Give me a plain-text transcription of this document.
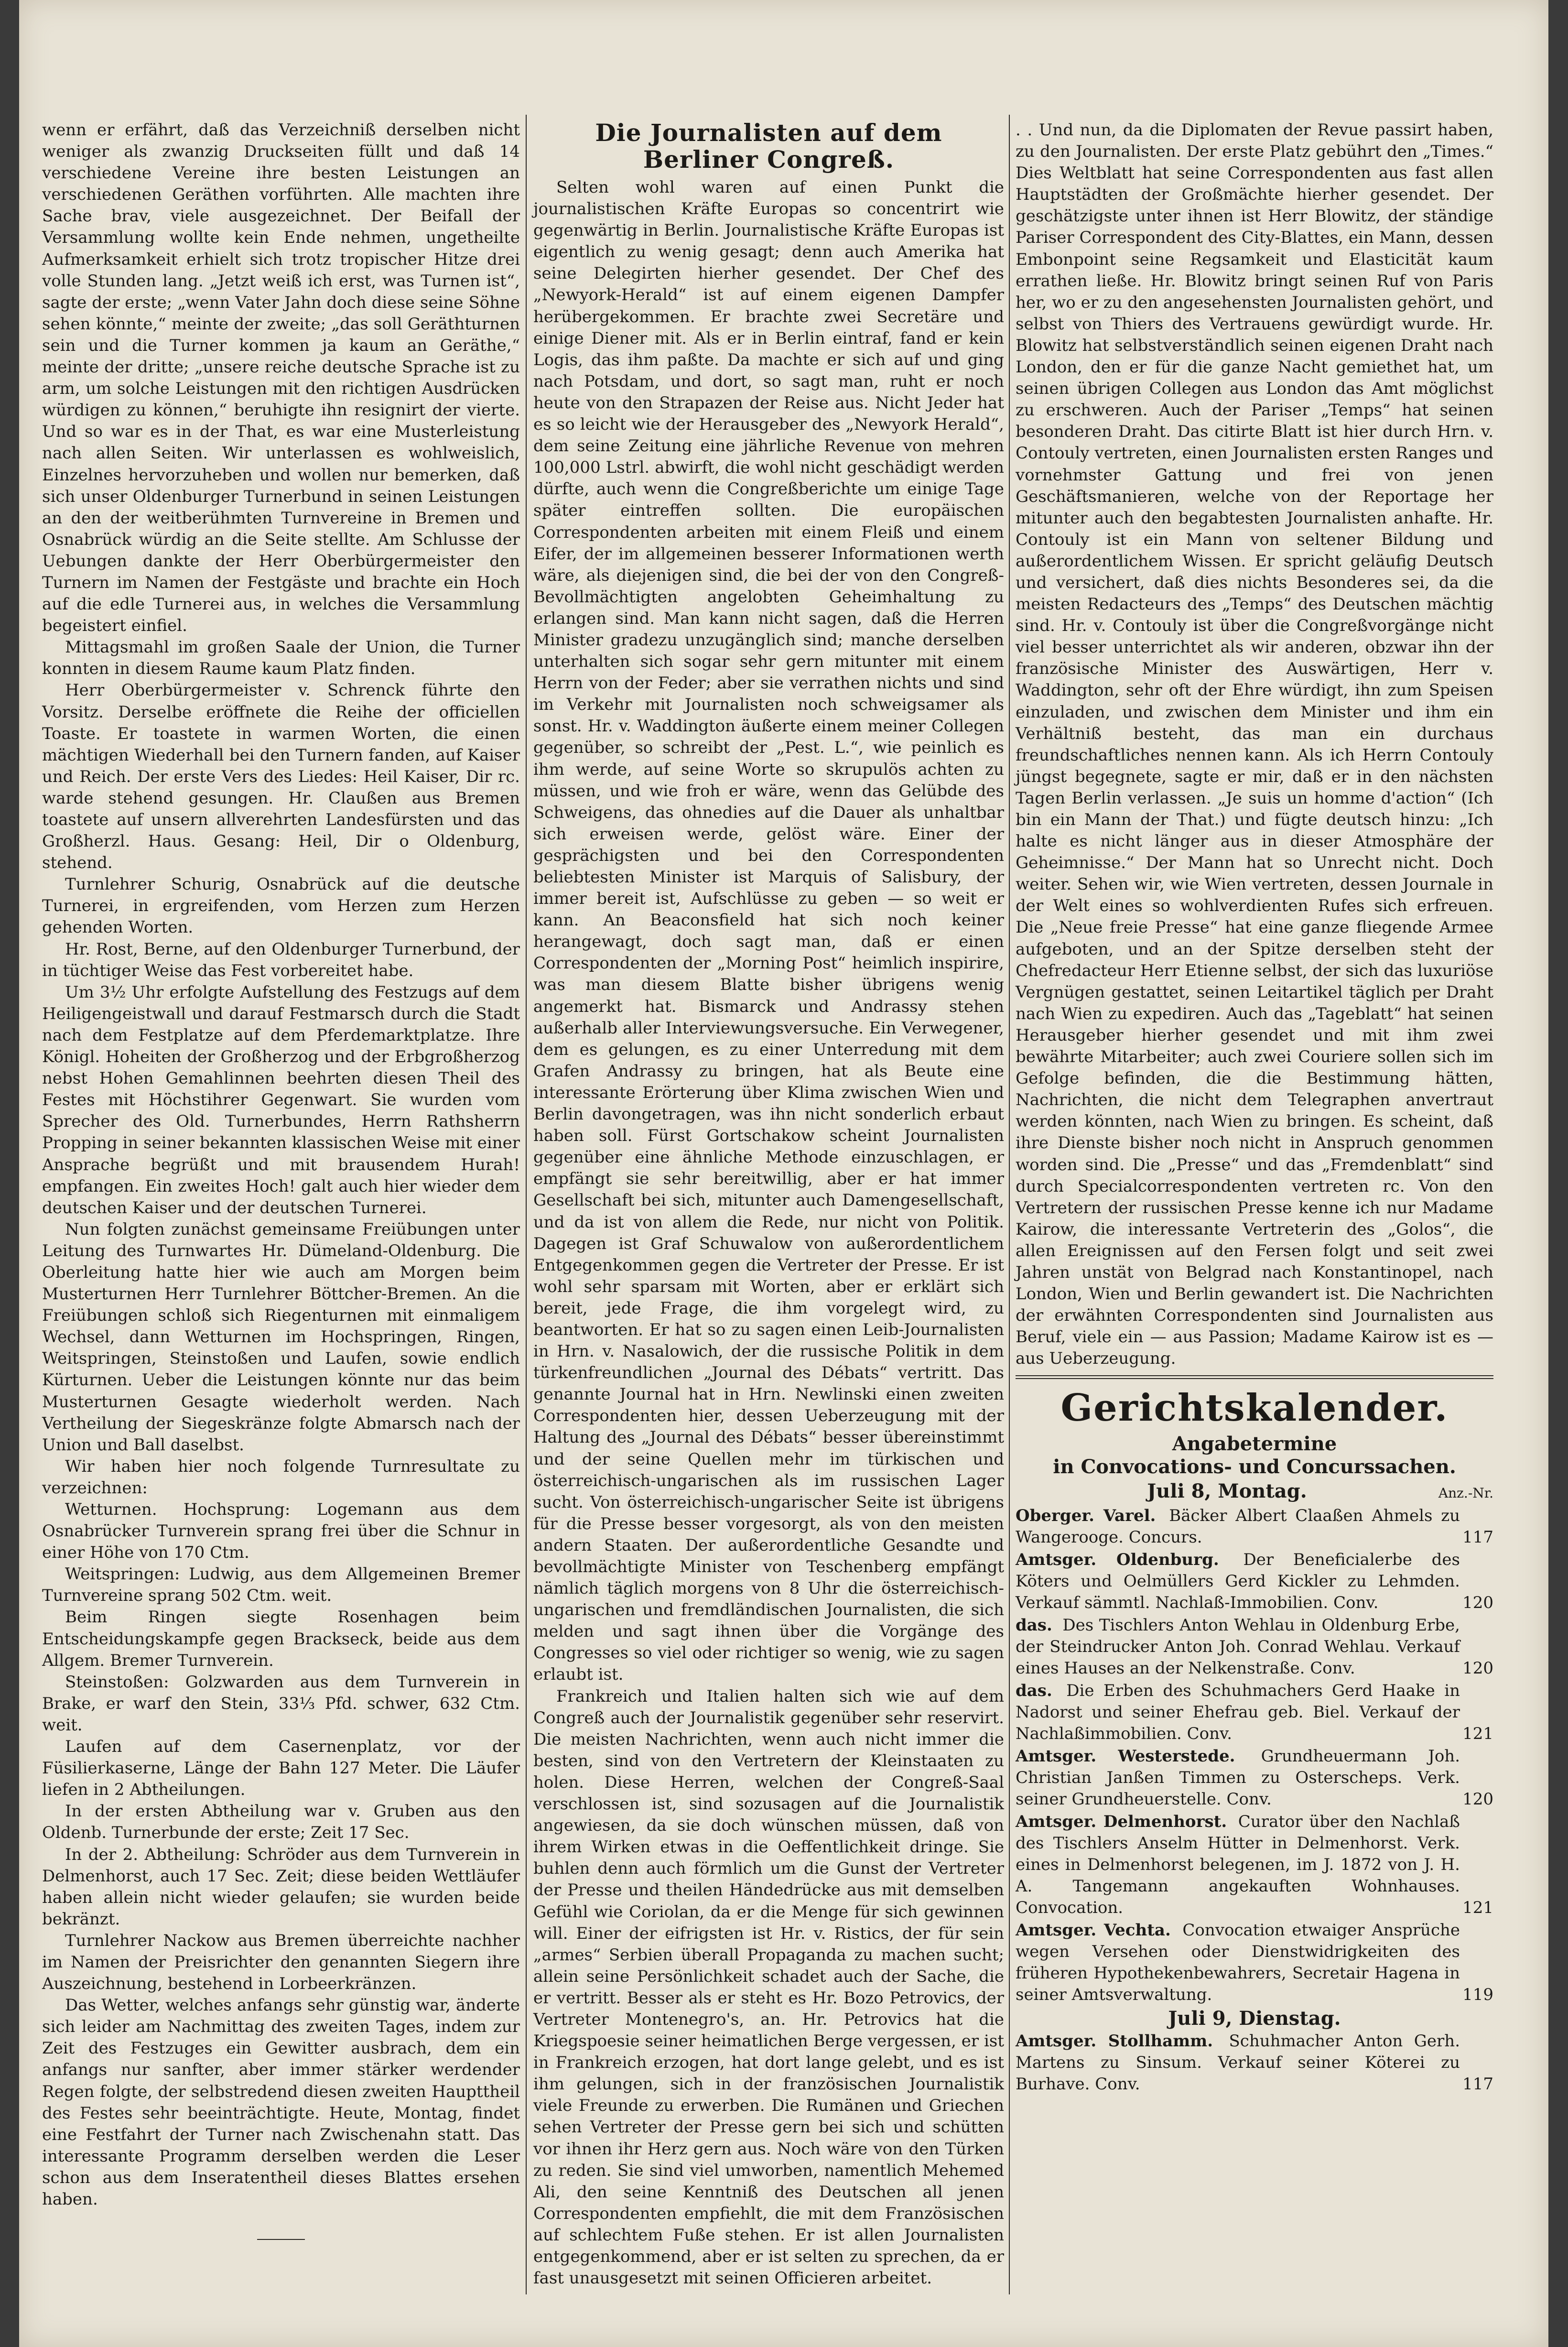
wenn er erfährt, daß das Verzeichniß derselben nicht weniger als zwanzig Druckseiten füllt und daß 14 verschiedene Vereine ihre besten Leistungen an verschiedenen Geräthen vorführten. Alle machten ihre Sache brav, viele ausgezeichnet. Der Beifall der Versammlung wollte kein Ende nehmen, ungetheilte Aufmerksamkeit erhielt sich trotz tropischer Hitze drei volle Stunden lang. „Jetzt weiß ich erst, was Turnen ist“, sagte der erste; „wenn Vater Jahn doch diese seine Söhne sehen könnte,“ meinte der zweite; „das soll Geräthturnen sein und die Turner kommen ja kaum an Geräthe,“ meinte der dritte; „unsere reiche deutsche Sprache ist zu arm, um solche Leistungen mit den richtigen Ausdrücken würdigen zu können,“ beruhigte ihn resignirt der vierte. Und so war es in der That, es war eine Musterleistung nach allen Seiten. Wir unterlassen es wohlweislich, Einzelnes hervorzuheben und wollen nur bemerken, daß sich unser Oldenburger Turnerbund in seinen Leistungen an den der weitberühmten Turnvereine in Bremen und Osnabrück würdig an die Seite stellte. Am Schlusse der Uebungen dankte der Herr Oberbürgermeister den Turnern im Namen der Festgäste und brachte ein Hoch auf die edle Turnerei aus, in welches die Versammlung begeistert einfiel.

Mittagsmahl im großen Saale der Union, die Turner konnten in diesem Raume kaum Platz finden.

Herr Oberbürgermeister v. Schrenck führte den Vorsitz. Derselbe eröffnete die Reihe der officiellen Toaste. Er toastete in warmen Worten, die einen mächtigen Wiederhall bei den Turnern fanden, auf Kaiser und Reich. Der erste Vers des Liedes: Heil Kaiser, Dir rc. warde stehend gesungen. Hr. Claußen aus Bremen toastete auf unsern allverehrten Landesfürsten und das Großherzl. Haus. Gesang: Heil, Dir o Oldenburg, stehend.

Turnlehrer Schurig, Osnabrück auf die deutsche Turnerei, in ergreifenden, vom Herzen zum Herzen gehenden Worten.

Hr. Rost, Berne, auf den Oldenburger Turnerbund, der in tüchtiger Weise das Fest vorbereitet habe.

Um 3½ Uhr erfolgte Aufstellung des Festzugs auf dem Heiligengeistwall und darauf Festmarsch durch die Stadt nach dem Festplatze auf dem Pferdemarktplatze. Ihre Königl. Hoheiten der Großherzog und der Erbgroßherzog nebst Hohen Gemahlinnen beehrten diesen Theil des Festes mit Höchstihrer Gegenwart. Sie wurden vom Sprecher des Old. Turnerbundes, Herrn Rathsherrn Propping in seiner bekannten klassischen Weise mit einer Ansprache begrüßt und mit brausendem Hurah! empfangen. Ein zweites Hoch! galt auch hier wieder dem deutschen Kaiser und der deutschen Turnerei.

Nun folgten zunächst gemeinsame Freiübungen unter Leitung des Turnwartes Hr. Dümeland-Oldenburg. Die Oberleitung hatte hier wie auch am Morgen beim Musterturnen Herr Turnlehrer Böttcher-Bremen. An die Freiübungen schloß sich Riegenturnen mit einmaligem Wechsel, dann Wetturnen im Hochspringen, Ringen, Weitspringen, Steinstoßen und Laufen, sowie endlich Kürturnen. Ueber die Leistungen könnte nur das beim Musterturnen Gesagte wiederholt werden. Nach Vertheilung der Siegeskränze folgte Abmarsch nach der Union und Ball daselbst.

Wir haben hier noch folgende Turnresultate zu verzeichnen:

Wetturnen. Hochsprung: Logemann aus dem Osnabrücker Turnverein sprang frei über die Schnur in einer Höhe von 170 Ctm.

Weitspringen: Ludwig, aus dem Allgemeinen Bremer Turnvereine sprang 502 Ctm. weit.

Beim Ringen siegte Rosenhagen beim Entscheidungskampfe gegen Brackseck, beide aus dem Allgem. Bremer Turnverein.

Steinstoßen: Golzwarden aus dem Turnverein in Brake, er warf den Stein, 33⅓ Pfd. schwer, 632 Ctm. weit.

Laufen auf dem Casernenplatz, vor der Füsilierkaserne, Länge der Bahn 127 Meter. Die Läufer liefen in 2 Abtheilungen.

In der ersten Abtheilung war v. Gruben aus den Oldenb. Turnerbunde der erste; Zeit 17 Sec.

In der 2. Abtheilung: Schröder aus dem Turnverein in Delmenhorst, auch 17 Sec. Zeit; diese beiden Wettläufer haben allein nicht wieder gelaufen; sie wurden beide bekränzt.

Turnlehrer Nackow aus Bremen überreichte nachher im Namen der Preisrichter den genannten Siegern ihre Auszeichnung, bestehend in Lorbeerkränzen.

Das Wetter, welches anfangs sehr günstig war, änderte sich leider am Nachmittag des zweiten Tages, indem zur Zeit des Festzuges ein Gewitter ausbrach, dem ein anfangs nur sanfter, aber immer stärker werdender Regen folgte, der selbstredend diesen zweiten Haupttheil des Festes sehr beeinträchtigte. Heute, Montag, findet eine Festfahrt der Turner nach Zwischenahn statt. Das interessante Programm derselben werden die Leser schon aus dem Inseratentheil dieses Blattes ersehen haben.

Die Journalisten auf dem Berliner Congreß.

Selten wohl waren auf einen Punkt die journalistischen Kräfte Europas so concentrirt wie gegenwärtig in Berlin. Journalistische Kräfte Europas ist eigentlich zu wenig gesagt; denn auch Amerika hat seine Delegirten hierher gesendet. Der Chef des „Newyork-Herald“ ist auf einem eigenen Dampfer herübergekommen. Er brachte zwei Secretäre und einige Diener mit. Als er in Berlin eintraf, fand er kein Logis, das ihm paßte. Da machte er sich auf und ging nach Potsdam, und dort, so sagt man, ruht er noch heute von den Strapazen der Reise aus. Nicht Jeder hat es so leicht wie der Herausgeber des „Newyork Herald“, dem seine Zeitung eine jährliche Revenue von mehren 100,000 Lstrl. abwirft, die wohl nicht geschädigt werden dürfte, auch wenn die Congreßberichte um einige Tage später eintreffen sollten. Die europäischen Correspondenten arbeiten mit einem Fleiß und einem Eifer, der im allgemeinen besserer Informationen werth wäre, als diejenigen sind, die bei der von den Congreß-Bevollmächtigten angelobten Geheimhaltung zu erlangen sind. Man kann nicht sagen, daß die Herren Minister gradezu unzugänglich sind; manche derselben unterhalten sich sogar sehr gern mitunter mit einem Herrn von der Feder; aber sie verrathen nichts und sind im Verkehr mit Journalisten noch schweigsamer als sonst. Hr. v. Waddington äußerte einem meiner Collegen gegenüber, so schreibt der „Pest. L.“, wie peinlich es ihm werde, auf seine Worte so skrupulös achten zu müssen, und wie froh er wäre, wenn das Gelübde des Schweigens, das ohnedies auf die Dauer als unhaltbar sich erweisen werde, gelöst wäre. Einer der gesprächigsten und bei den Correspondenten beliebtesten Minister ist Marquis of Salisbury, der immer bereit ist, Aufschlüsse zu geben — so weit er kann. An Beaconsfield hat sich noch keiner herangewagt, doch sagt man, daß er einen Correspondenten der „Morning Post“ heimlich inspirire, was man diesem Blatte bisher übrigens wenig angemerkt hat. Bismarck und Andrassy stehen außerhalb aller Interviewungsversuche. Ein Verwegener, dem es gelungen, es zu einer Unterredung mit dem Grafen Andrassy zu bringen, hat als Beute eine interessante Erörterung über Klima zwischen Wien und Berlin davongetragen, was ihn nicht sonderlich erbaut haben soll. Fürst Gortschakow scheint Journalisten gegenüber eine ähnliche Methode einzuschlagen, er empfängt sie sehr bereitwillig, aber er hat immer Gesellschaft bei sich, mitunter auch Damengesellschaft, und da ist von allem die Rede, nur nicht von Politik. Dagegen ist Graf Schuwalow von außerordentlichem Entgegenkommen gegen die Vertreter der Presse. Er ist wohl sehr sparsam mit Worten, aber er erklärt sich bereit, jede Frage, die ihm vorgelegt wird, zu beantworten. Er hat so zu sagen einen Leib-Journalisten in Hrn. v. Nasalowich, der die russische Politik in dem türkenfreundlichen „Journal des Débats“ vertritt. Das genannte Journal hat in Hrn. Newlinski einen zweiten Correspondenten hier, dessen Ueberzeugung mit der Haltung des „Journal des Débats“ besser übereinstimmt und der seine Quellen mehr im türkischen und österreichisch-ungarischen als im russischen Lager sucht. Von österreichisch-ungarischer Seite ist übrigens für die Presse besser vorgesorgt, als von den meisten andern Staaten. Der außerordentliche Gesandte und bevollmächtigte Minister von Teschenberg empfängt nämlich täglich morgens von 8 Uhr die österreichisch-ungarischen und fremdländischen Journalisten, die sich melden und sagt ihnen über die Vorgänge des Congresses so viel oder richtiger so wenig, wie zu sagen erlaubt ist.

Frankreich und Italien halten sich wie auf dem Congreß auch der Journalistik gegenüber sehr reservirt. Die meisten Nachrichten, wenn auch nicht immer die besten, sind von den Vertretern der Kleinstaaten zu holen. Diese Herren, welchen der Congreß-Saal verschlossen ist, sind sozusagen auf die Journalistik angewiesen, da sie doch wünschen müssen, daß von ihrem Wirken etwas in die Oeffentlichkeit dringe. Sie buhlen denn auch förmlich um die Gunst der Vertreter der Presse und theilen Händedrücke aus mit demselben Gefühl wie Coriolan, da er die Menge für sich gewinnen will. Einer der eifrigsten ist Hr. v. Ristics, der für sein „armes“ Serbien überall Propaganda zu machen sucht; allein seine Persönlichkeit schadet auch der Sache, die er vertritt. Besser als er steht es Hr. Bozo Petrovics, der Vertreter Montenegro's, an. Hr. Petrovics hat die Kriegspoesie seiner heimatlichen Berge vergessen, er ist in Frankreich erzogen, hat dort lange gelebt, und es ist ihm gelungen, sich in der französischen Journalistik viele Freunde zu erwerben. Die Rumänen und Griechen sehen Vertreter der Presse gern bei sich und schütten vor ihnen ihr Herz gern aus. Noch wäre von den Türken zu reden. Sie sind viel umworben, namentlich Mehemed Ali, den seine Kenntniß des Deutschen all jenen Correspondenten empfiehlt, die mit dem Französischen auf schlechtem Fuße stehen. Er ist allen Journalisten entgegenkommend, aber er ist selten zu sprechen, da er fast unausgesetzt mit seinen Officieren arbeitet.

. . Und nun, da die Diplomaten der Revue passirt haben, zu den Journalisten. Der erste Platz gebührt den „Times.“ Dies Weltblatt hat seine Correspondenten aus fast allen Hauptstädten der Großmächte hierher gesendet. Der geschätzigste unter ihnen ist Herr Blowitz, der ständige Pariser Correspondent des City-Blattes, ein Mann, dessen Embonpoint seine Regsamkeit und Elasticität kaum errathen ließe. Hr. Blowitz bringt seinen Ruf von Paris her, wo er zu den angesehensten Journalisten gehört, und selbst von Thiers des Vertrauens gewürdigt wurde. Hr. Blowitz hat selbstverständlich seinen eigenen Draht nach London, den er für die ganze Nacht gemiethet hat, um seinen übrigen Collegen aus London das Amt möglichst zu erschweren. Auch der Pariser „Temps“ hat seinen besonderen Draht. Das citirte Blatt ist hier durch Hrn. v. Contouly vertreten, einen Journalisten ersten Ranges und vornehmster Gattung und frei von jenen Geschäftsmanieren, welche von der Reportage her mitunter auch den begabtesten Journalisten anhafte. Hr. Contouly ist ein Mann von seltener Bildung und außerordentlichem Wissen. Er spricht geläufig Deutsch und versichert, daß dies nichts Besonderes sei, da die meisten Redacteurs des „Temps“ des Deutschen mächtig sind. Hr. v. Contouly ist über die Congreßvorgänge nicht viel besser unterrichtet als wir anderen, obzwar ihn der französische Minister des Auswärtigen, Herr v. Waddington, sehr oft der Ehre würdigt, ihn zum Speisen einzuladen, und zwischen dem Minister und ihm ein Verhältniß besteht, das man ein durchaus freundschaftliches nennen kann. Als ich Herrn Contouly jüngst begegnete, sagte er mir, daß er in den nächsten Tagen Berlin verlassen. „Je suis un homme d'action“ (Ich bin ein Mann der That.) und fügte deutsch hinzu: „Ich halte es nicht länger aus in dieser Atmosphäre der Geheimnisse.“ Der Mann hat so Unrecht nicht. Doch weiter. Sehen wir, wie Wien vertreten, dessen Journale in der Welt eines so wohlverdienten Rufes sich erfreuen. Die „Neue freie Presse“ hat eine ganze fliegende Armee aufgeboten, und an der Spitze derselben steht der Chefredacteur Herr Etienne selbst, der sich das luxuriöse Vergnügen gestattet, seinen Leitartikel täglich per Draht nach Wien zu expediren. Auch das „Tageblatt“ hat seinen Herausgeber hierher gesendet und mit ihm zwei bewährte Mitarbeiter; auch zwei Couriere sollen sich im Gefolge befinden, die die Bestimmung hätten, Nachrichten, die nicht dem Telegraphen anvertraut werden könnten, nach Wien zu bringen. Es scheint, daß ihre Dienste bisher noch nicht in Anspruch genommen worden sind. Die „Presse“ und das „Fremdenblatt“ sind durch Specialcorrespondenten vertreten rc. Von den Vertretern der russischen Presse kenne ich nur Madame Kairow, die interessante Vertreterin des „Golos“, die allen Ereignissen auf den Fersen folgt und seit zwei Jahren unstät von Belgrad nach Konstantinopel, nach London, Wien und Berlin gewandert ist. Die Nachrichten der erwähnten Correspondenten sind Journalisten aus Beruf, viele ein — aus Passion; Madame Kairow ist es — aus Ueberzeugung.

Gerichtskalender.
Angabetermine
in Convocations- und Concurssachen.
Juli 8, Montag.	Anz.-Nr.
Oberger. Varel. Bäcker Albert Claaßen Ahmels zu Wangerooge. Concurs.	117
Amtsger. Oldenburg. Der Beneficialerbe des Köters und Oelmüllers Gerd Kickler zu Lehmden. Verkauf sämmtl. Nachlaß-Immobilien. Conv.	120
das. Des Tischlers Anton Wehlau in Oldenburg Erbe, der Steindrucker Anton Joh. Conrad Wehlau. Verkauf eines Hauses an der Nelkenstraße. Conv.	120
das. Die Erben des Schuhmachers Gerd Haake in Nadorst und seiner Ehefrau geb. Biel. Verkauf der Nachlaßimmobilien. Conv.	121
Amtsger. Westerstede. Grundheuermann Joh. Christian Janßen Timmen zu Osterscheps. Verk. seiner Grundheuerstelle. Conv.	120
Amtsger. Delmenhorst. Curator über den Nachlaß des Tischlers Anselm Hütter in Delmenhorst. Verk. eines in Delmenhorst belegenen, im J. 1872 von J. H. A. Tangemann angekauften Wohnhauses. Convocation.	121
Amtsger. Vechta. Convocation etwaiger Ansprüche wegen Versehen oder Dienstwidrigkeiten des früheren Hypothekenbewahrers, Secretair Hagena in seiner Amtsverwaltung.	119
Juli 9, Dienstag.
Amtsger. Stollhamm. Schuhmacher Anton Gerh. Martens zu Sinsum. Verkauf seiner Köterei zu Burhave. Conv.	117
